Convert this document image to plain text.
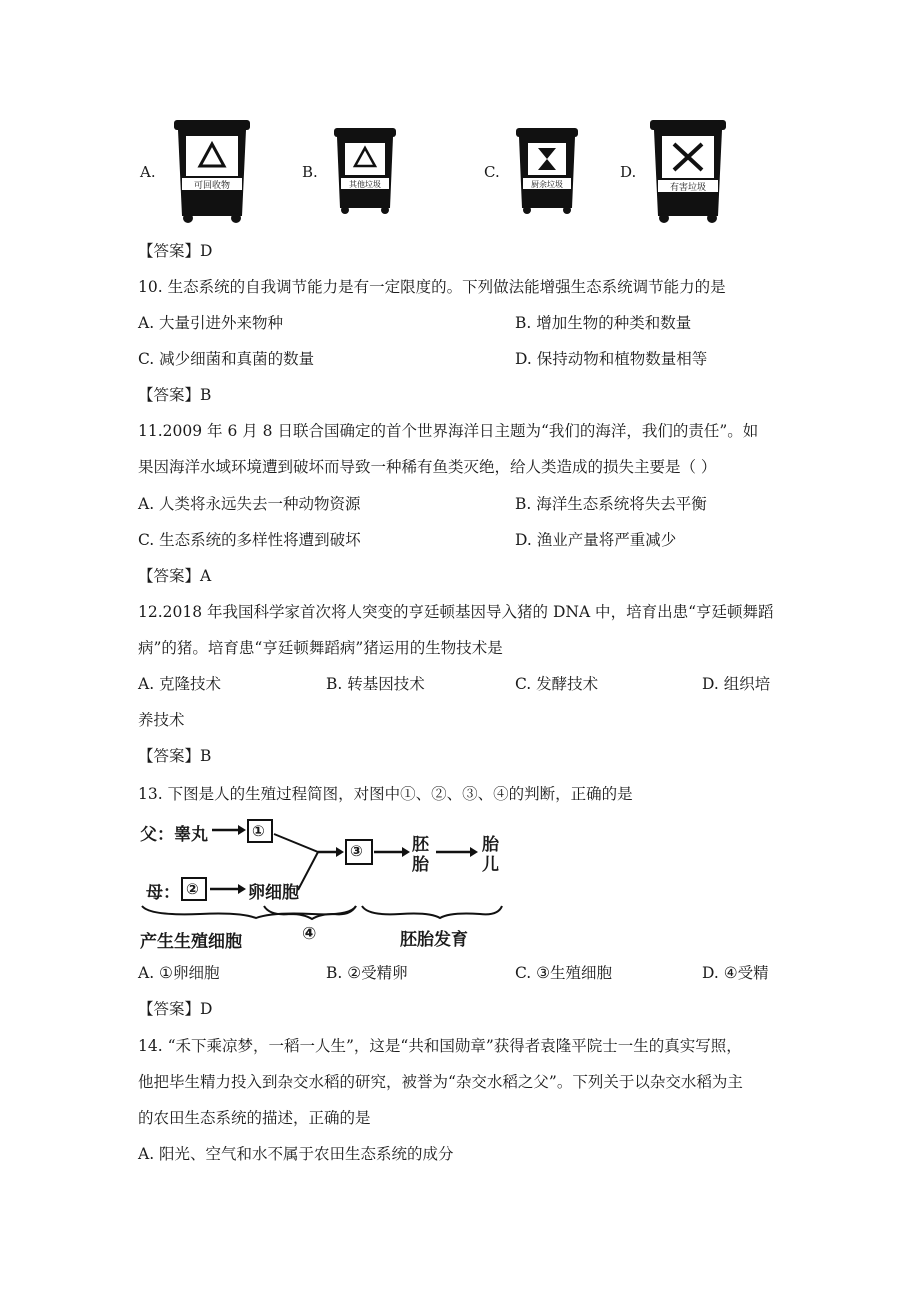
A.
可回收物
B.
其他垃圾
C.
厨余垃圾
D.
有害垃圾
【答案】D
10. 生态系统的自我调节能力是有一定限度的。下列做法能增强生态系统调节能力的是
A. 大量引进外来物种	B. 增加生物的种类和数量
C. 减少细菌和真菌的数量	D. 保持动物和植物数量相等
【答案】B
11.2009 年 6 月 8 日联合国确定的首个世界海洋日主题为“我们的海洋，我们的责任”。如
果因海洋水域环境遭到破坏而导致一种稀有鱼类灭绝，给人类造成的损失主要是（ ）
A. 人类将永远失去一种动物资源	B. 海洋生态系统将失去平衡
C. 生态系统的多样性将遭到破坏	D. 渔业产量将严重减少
【答案】A
12.2018 年我国科学家首次将人突变的亨廷顿基因导入猪的 DNA 中，培育出患“亨廷顿舞蹈
病”的猪。培育患“亨廷顿舞蹈病”猪运用的生物技术是
A. 克隆技术	B. 转基因技术	C. 发酵技术	D. 组织培
养技术
【答案】B
13. 下图是人的生殖过程简图，对图中①、②、③、④的判断，正确的是
父：睾丸	①
③	胚
胎
胎
儿
母： ②	卵细胞
产生生殖细胞	④	胚胎发育
A. ①卵细胞	B. ②受精卵	C. ③生殖细胞	D. ④受精
【答案】D
14. “禾下乘凉梦，一稻一人生”，这是“共和国勋章”获得者袁隆平院士一生的真实写照，
他把毕生精力投入到杂交水稻的研究，被誉为“杂交水稻之父”。下列关于以杂交水稻为主
的农田生态系统的描述，正确的是
A. 阳光、空气和水不属于农田生态系统的成分
